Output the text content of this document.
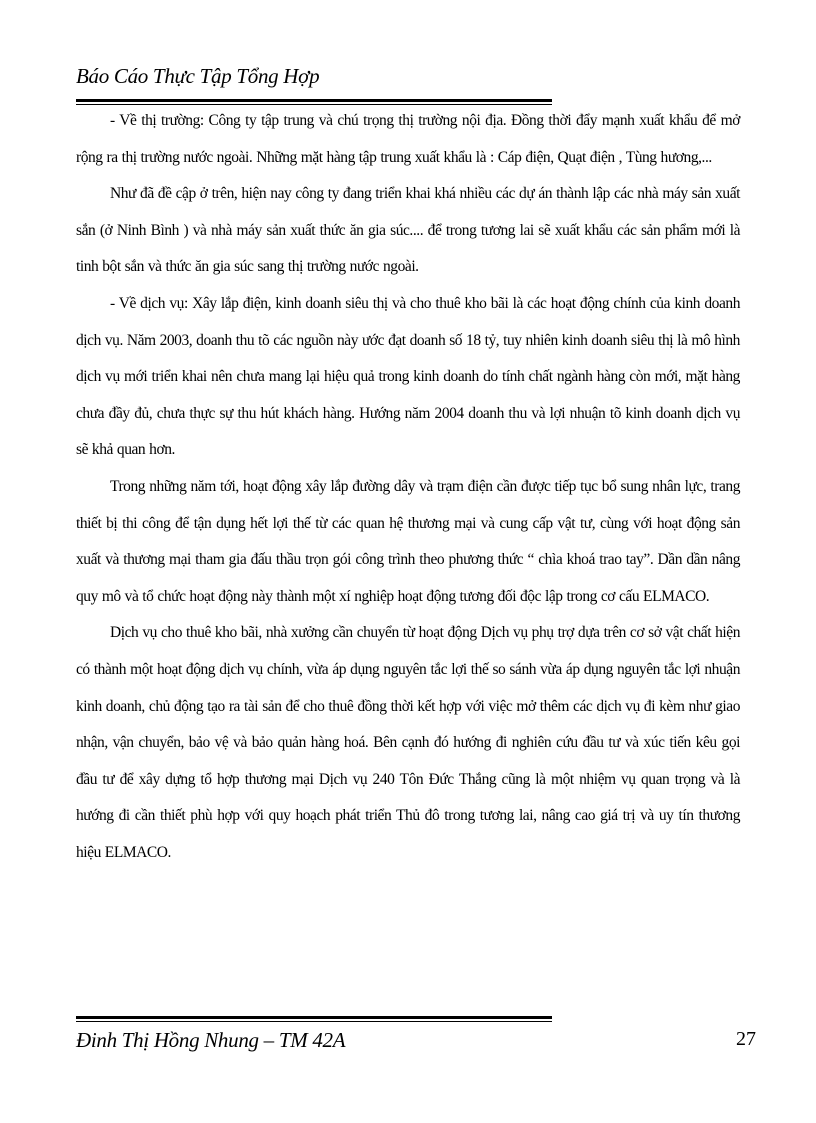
Báo Cáo Thực Tập Tổng Hợp

- Về thị trường: Công ty tập trung và chú trọng thị trường nội địa. Đồng thời đẩy mạnh xuất khẩu để mở rộng ra thị trường nước ngoài. Những mặt hàng tập trung xuất khẩu là : Cáp điện, Quạt điện , Tùng hương,...

Như đã đề cập ở trên, hiện nay công ty đang triển khai khá nhiều các dự án thành lập các nhà máy sản xuất sắn (ở Ninh Bình ) và nhà máy sản xuất thức ăn gia súc.... để trong tương lai sẽ xuất khẩu các sản phẩm mới là tinh bột sắn và thức ăn gia súc sang thị trường nước ngoài.

- Về dịch vụ: Xây lắp điện, kinh doanh siêu thị và cho thuê kho bãi là các hoạt động chính của kinh doanh dịch vụ. Năm 2003, doanh thu tõ các nguồn này ước đạt doanh số 18 tỷ, tuy nhiên kinh doanh siêu thị là mô hình dịch vụ mới triển khai nên chưa mang lại hiệu quả trong kinh doanh do tính chất ngành hàng còn mới, mặt hàng chưa đầy đủ, chưa thực sự thu hút khách hàng. Hướng năm 2004 doanh thu và lợi nhuận tõ kinh doanh dịch vụ sẽ khả quan hơn.

Trong những năm tới, hoạt động xây lắp đường dây và trạm điện cần được tiếp tục bổ sung nhân lực, trang thiết bị thi công để tận dụng hết lợi thế từ các quan hệ thương mại và cung cấp vật tư, cùng với hoạt động sản xuất và thương mại tham gia đấu thầu trọn gói công trình theo phương thức “ chìa khoá trao tay”. Dần dần nâng quy mô và tổ chức hoạt động này thành một xí nghiệp hoạt động tương đối độc lập trong cơ cấu ELMACO.

Dịch vụ cho thuê kho bãi, nhà xưởng cần chuyển từ hoạt động Dịch vụ phụ trợ dựa trên cơ sở vật chất hiện có thành một hoạt động dịch vụ chính, vừa áp dụng nguyên tắc lợi thế so sánh vừa áp dụng nguyên tắc lợi nhuận kinh doanh, chủ động tạo ra tài sản để cho thuê đồng thời kết hợp với việc mở thêm các dịch vụ đi kèm như giao nhận, vận chuyển, bảo vệ và bảo quản hàng hoá. Bên cạnh đó hướng đi nghiên cứu đầu tư và xúc tiến kêu gọi đầu tư để xây dựng tổ hợp thương mại Dịch vụ 240 Tôn Đức Thắng cũng là một nhiệm vụ quan trọng và là hướng đi cần thiết phù hợp với quy hoạch phát triển Thủ đô trong tương lai, nâng cao giá trị và uy tín thương hiệu ELMACO.

Đinh Thị Hồng Nhung – TM 42A	27
